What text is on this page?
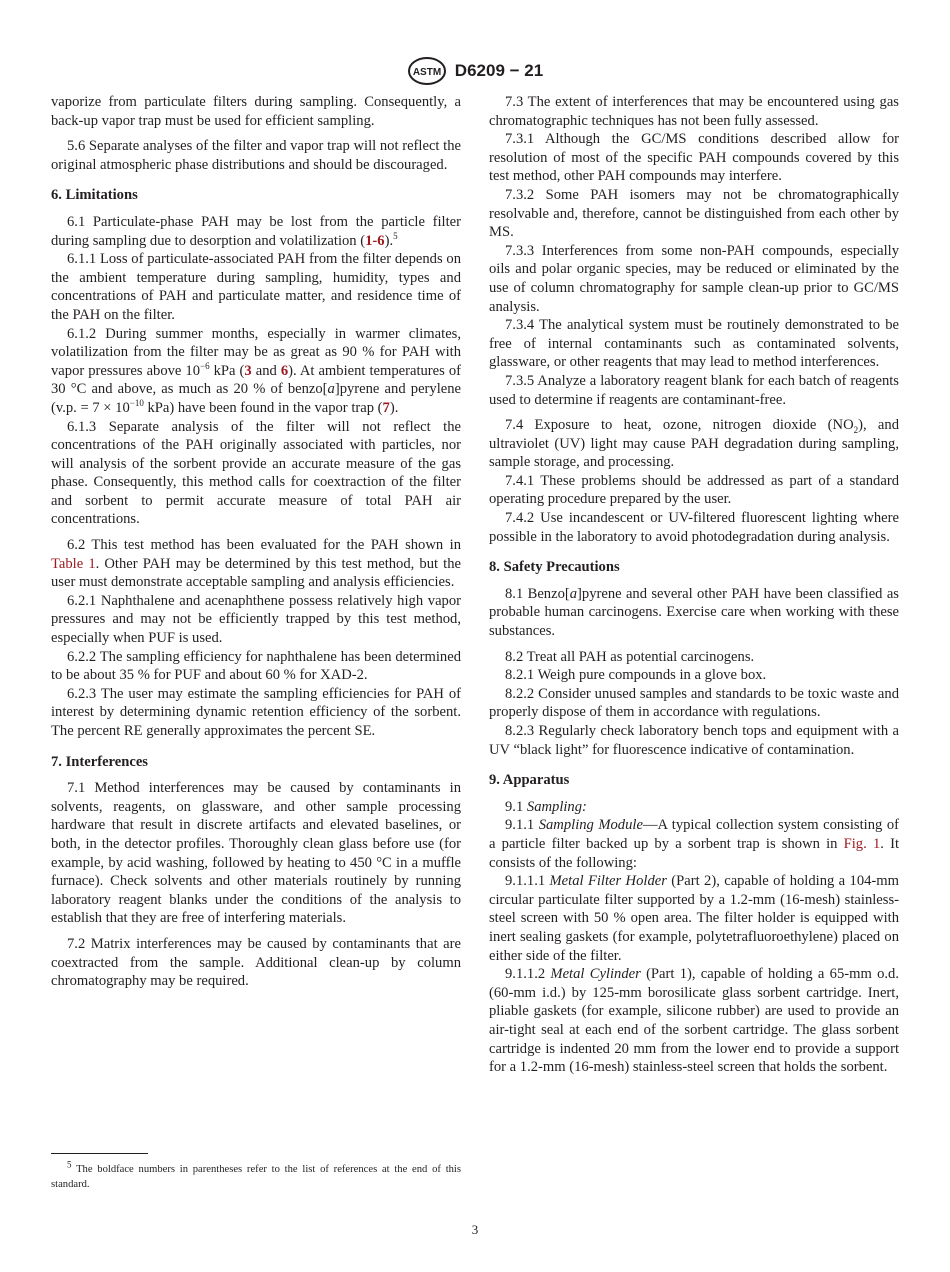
ASTM D6209 − 21

vaporize from particulate filters during sampling. Consequently, a back-up vapor trap must be used for efficient sampling.

5.6 Separate analyses of the filter and vapor trap will not reflect the original atmospheric phase distributions and should be discouraged.

6. Limitations

6.1 Particulate-phase PAH may be lost from the particle filter during sampling due to desorption and volatilization (1-6).$^5$

6.1.1 Loss of particulate-associated PAH from the filter depends on the ambient temperature during sampling, humidity, types and concentrations of PAH and particulate matter, and residence time of the PAH on the filter.

6.1.2 During summer months, especially in warmer climates, volatilization from the filter may be as great as 90 % for PAH with vapor pressures above $10^{-6}$ kPa (3 and 6). At ambient temperatures of 30 °C and above, as much as 20 % of benzo[a]pyrene and perylene (v.p. = $7 \times 10^{-10}$ kPa) have been found in the vapor trap (7).

6.1.3 Separate analysis of the filter will not reflect the concentrations of the PAH originally associated with particles, nor will analysis of the sorbent provide an accurate measure of the gas phase. Consequently, this method calls for coextraction of the filter and sorbent to permit accurate measure of total PAH air concentrations.

6.2 This test method has been evaluated for the PAH shown in Table 1. Other PAH may be determined by this test method, but the user must demonstrate acceptable sampling and analysis efficiencies.

6.2.1 Naphthalene and acenaphthene possess relatively high vapor pressures and may not be efficiently trapped by this test method, especially when PUF is used.

6.2.2 The sampling efficiency for naphthalene has been determined to be about 35 % for PUF and about 60 % for XAD-2.

6.2.3 The user may estimate the sampling efficiencies for PAH of interest by determining dynamic retention efficiency of the sorbent. The percent RE generally approximates the percent SE.

7. Interferences

7.1 Method interferences may be caused by contaminants in solvents, reagents, on glassware, and other sample processing hardware that result in discrete artifacts and elevated baselines, or both, in the detector profiles. Thoroughly clean glass before use (for example, by acid washing, followed by heating to 450 °C in a muffle furnace). Check solvents and other materials routinely by running laboratory reagent blanks under the conditions of the analysis to establish that they are free of interfering materials.

7.2 Matrix interferences may be caused by contaminants that are coextracted from the sample. Additional clean-up by column chromatography may be required.

7.3 The extent of interferences that may be encountered using gas chromatographic techniques has not been fully assessed.

7.3.1 Although the GC/MS conditions described allow for resolution of most of the specific PAH compounds covered by this test method, other PAH compounds may interfere.

7.3.2 Some PAH isomers may not be chromatographically resolvable and, therefore, cannot be distinguished from each other by MS.

7.3.3 Interferences from some non-PAH compounds, especially oils and polar organic species, may be reduced or eliminated by the use of column chromatography for sample clean-up prior to GC/MS analysis.

7.3.4 The analytical system must be routinely demonstrated to be free of internal contaminants such as contaminated solvents, glassware, or other reagents that may lead to method interferences.

7.3.5 Analyze a laboratory reagent blank for each batch of reagents used to determine if reagents are contaminant-free.

7.4 Exposure to heat, ozone, nitrogen dioxide $(NO_2)$, and ultraviolet (UV) light may cause PAH degradation during sampling, sample storage, and processing.

7.4.1 These problems should be addressed as part of a standard operating procedure prepared by the user.

7.4.2 Use incandescent or UV-filtered fluorescent lighting where possible in the laboratory to avoid photodegradation during analysis.

8. Safety Precautions

8.1 Benzo[a]pyrene and several other PAH have been classified as probable human carcinogens. Exercise care when working with these substances.

8.2 Treat all PAH as potential carcinogens.

8.2.1 Weigh pure compounds in a glove box.

8.2.2 Consider unused samples and standards to be toxic waste and properly dispose of them in accordance with regulations.

8.2.3 Regularly check laboratory bench tops and equipment with a UV “black light” for fluorescence indicative of contamination.

9. Apparatus

9.1 Sampling:

9.1.1 Sampling Module—A typical collection system consisting of a particle filter backed up by a sorbent trap is shown in Fig. 1. It consists of the following:

9.1.1.1 Metal Filter Holder (Part 2), capable of holding a 104-mm circular particulate filter supported by a 1.2-mm (16-mesh) stainless-steel screen with 50 % open area. The filter holder is equipped with inert sealing gaskets (for example, polytetrafluoroethylene) placed on either side of the filter.

9.1.1.2 Metal Cylinder (Part 1), capable of holding a 65-mm o.d. (60-mm i.d.) by 125-mm borosilicate glass sorbent cartridge. Inert, pliable gaskets (for example, silicone rubber) are used to provide an air-tight seal at each end of the sorbent cartridge. The glass sorbent cartridge is indented 20 mm from the lower end to provide a support for a 1.2-mm (16-mesh) stainless-steel screen that holds the sorbent.

$^5$ The boldface numbers in parentheses refer to the list of references at the end of this standard.

3
